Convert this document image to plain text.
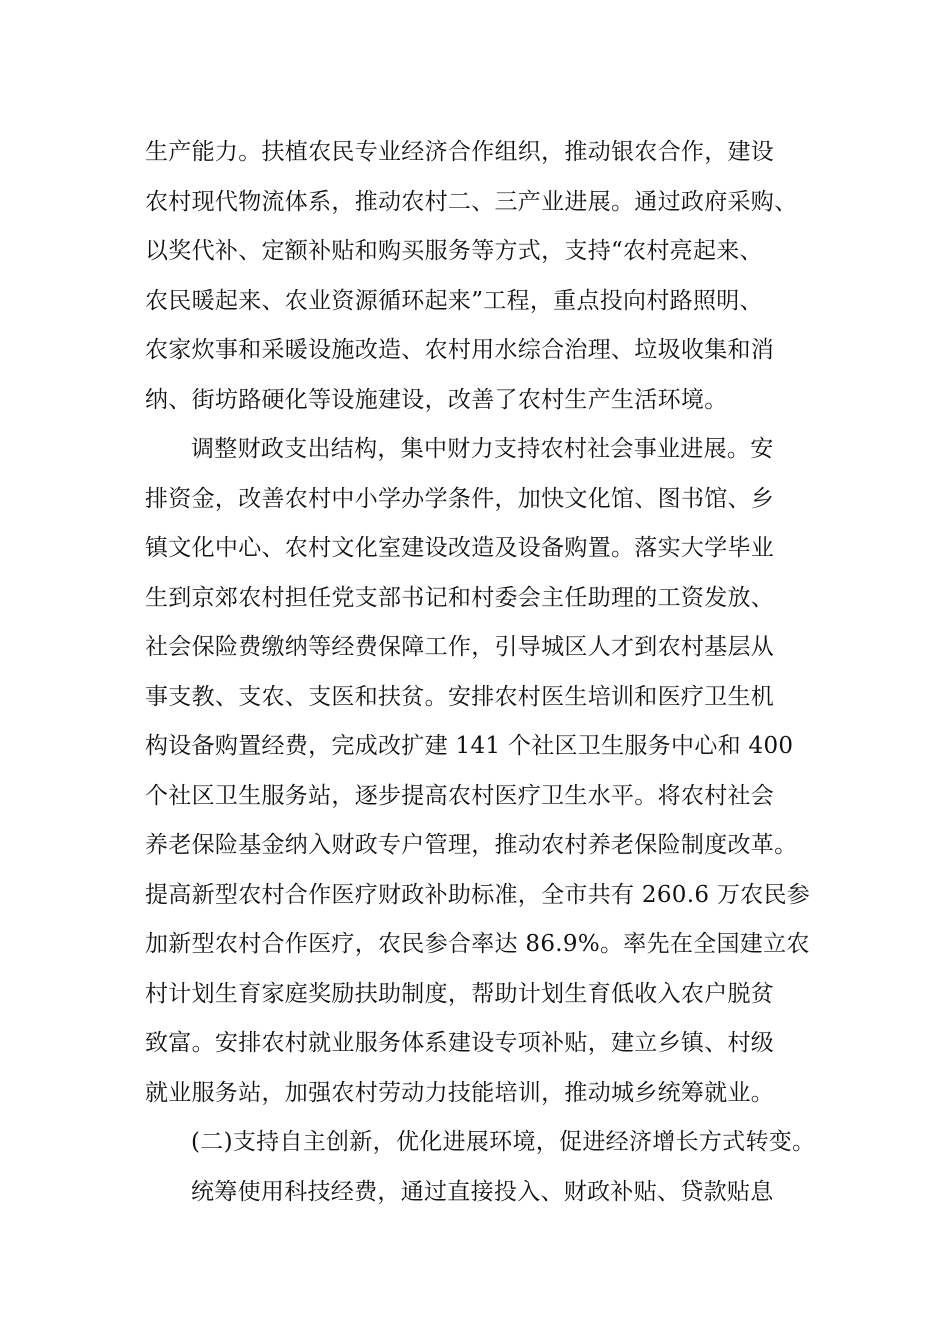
生产能力。扶植农民专业经济合作组织，推动银农合作，建设
农村现代物流体系，推动农村二、三产业进展。通过政府采购、
以奖代补、定额补贴和购买服务等方式，支持“农村亮起来、
农民暖起来、农业资源循环起来”工程，重点投向村路照明、
农家炊事和采暖设施改造、农村用水综合治理、垃圾收集和消
纳、街坊路硬化等设施建设，改善了农村生产生活环境。
调整财政支出结构，集中财力支持农村社会事业进展。安
排资金，改善农村中小学办学条件，加快文化馆、图书馆、乡
镇文化中心、农村文化室建设改造及设备购置。落实大学毕业
生到京郊农村担任党支部书记和村委会主任助理的工资发放、
社会保险费缴纳等经费保障工作，引导城区人才到农村基层从
事支教、支农、支医和扶贫。安排农村医生培训和医疗卫生机
构设备购置经费，完成改扩建 141 个社区卫生服务中心和 400
个社区卫生服务站，逐步提高农村医疗卫生水平。将农村社会
养老保险基金纳入财政专户管理，推动农村养老保险制度改革。
提高新型农村合作医疗财政补助标准，全市共有 260.6 万农民参
加新型农村合作医疗，农民参合率达 86.9%。率先在全国建立农
村计划生育家庭奖励扶助制度，帮助计划生育低收入农户脱贫
致富。安排农村就业服务体系建设专项补贴，建立乡镇、村级
就业服务站，加强农村劳动力技能培训，推动城乡统筹就业。
(二)支持自主创新，优化进展环境，促进经济增长方式转变。
统筹使用科技经费，通过直接投入、财政补贴、贷款贴息
